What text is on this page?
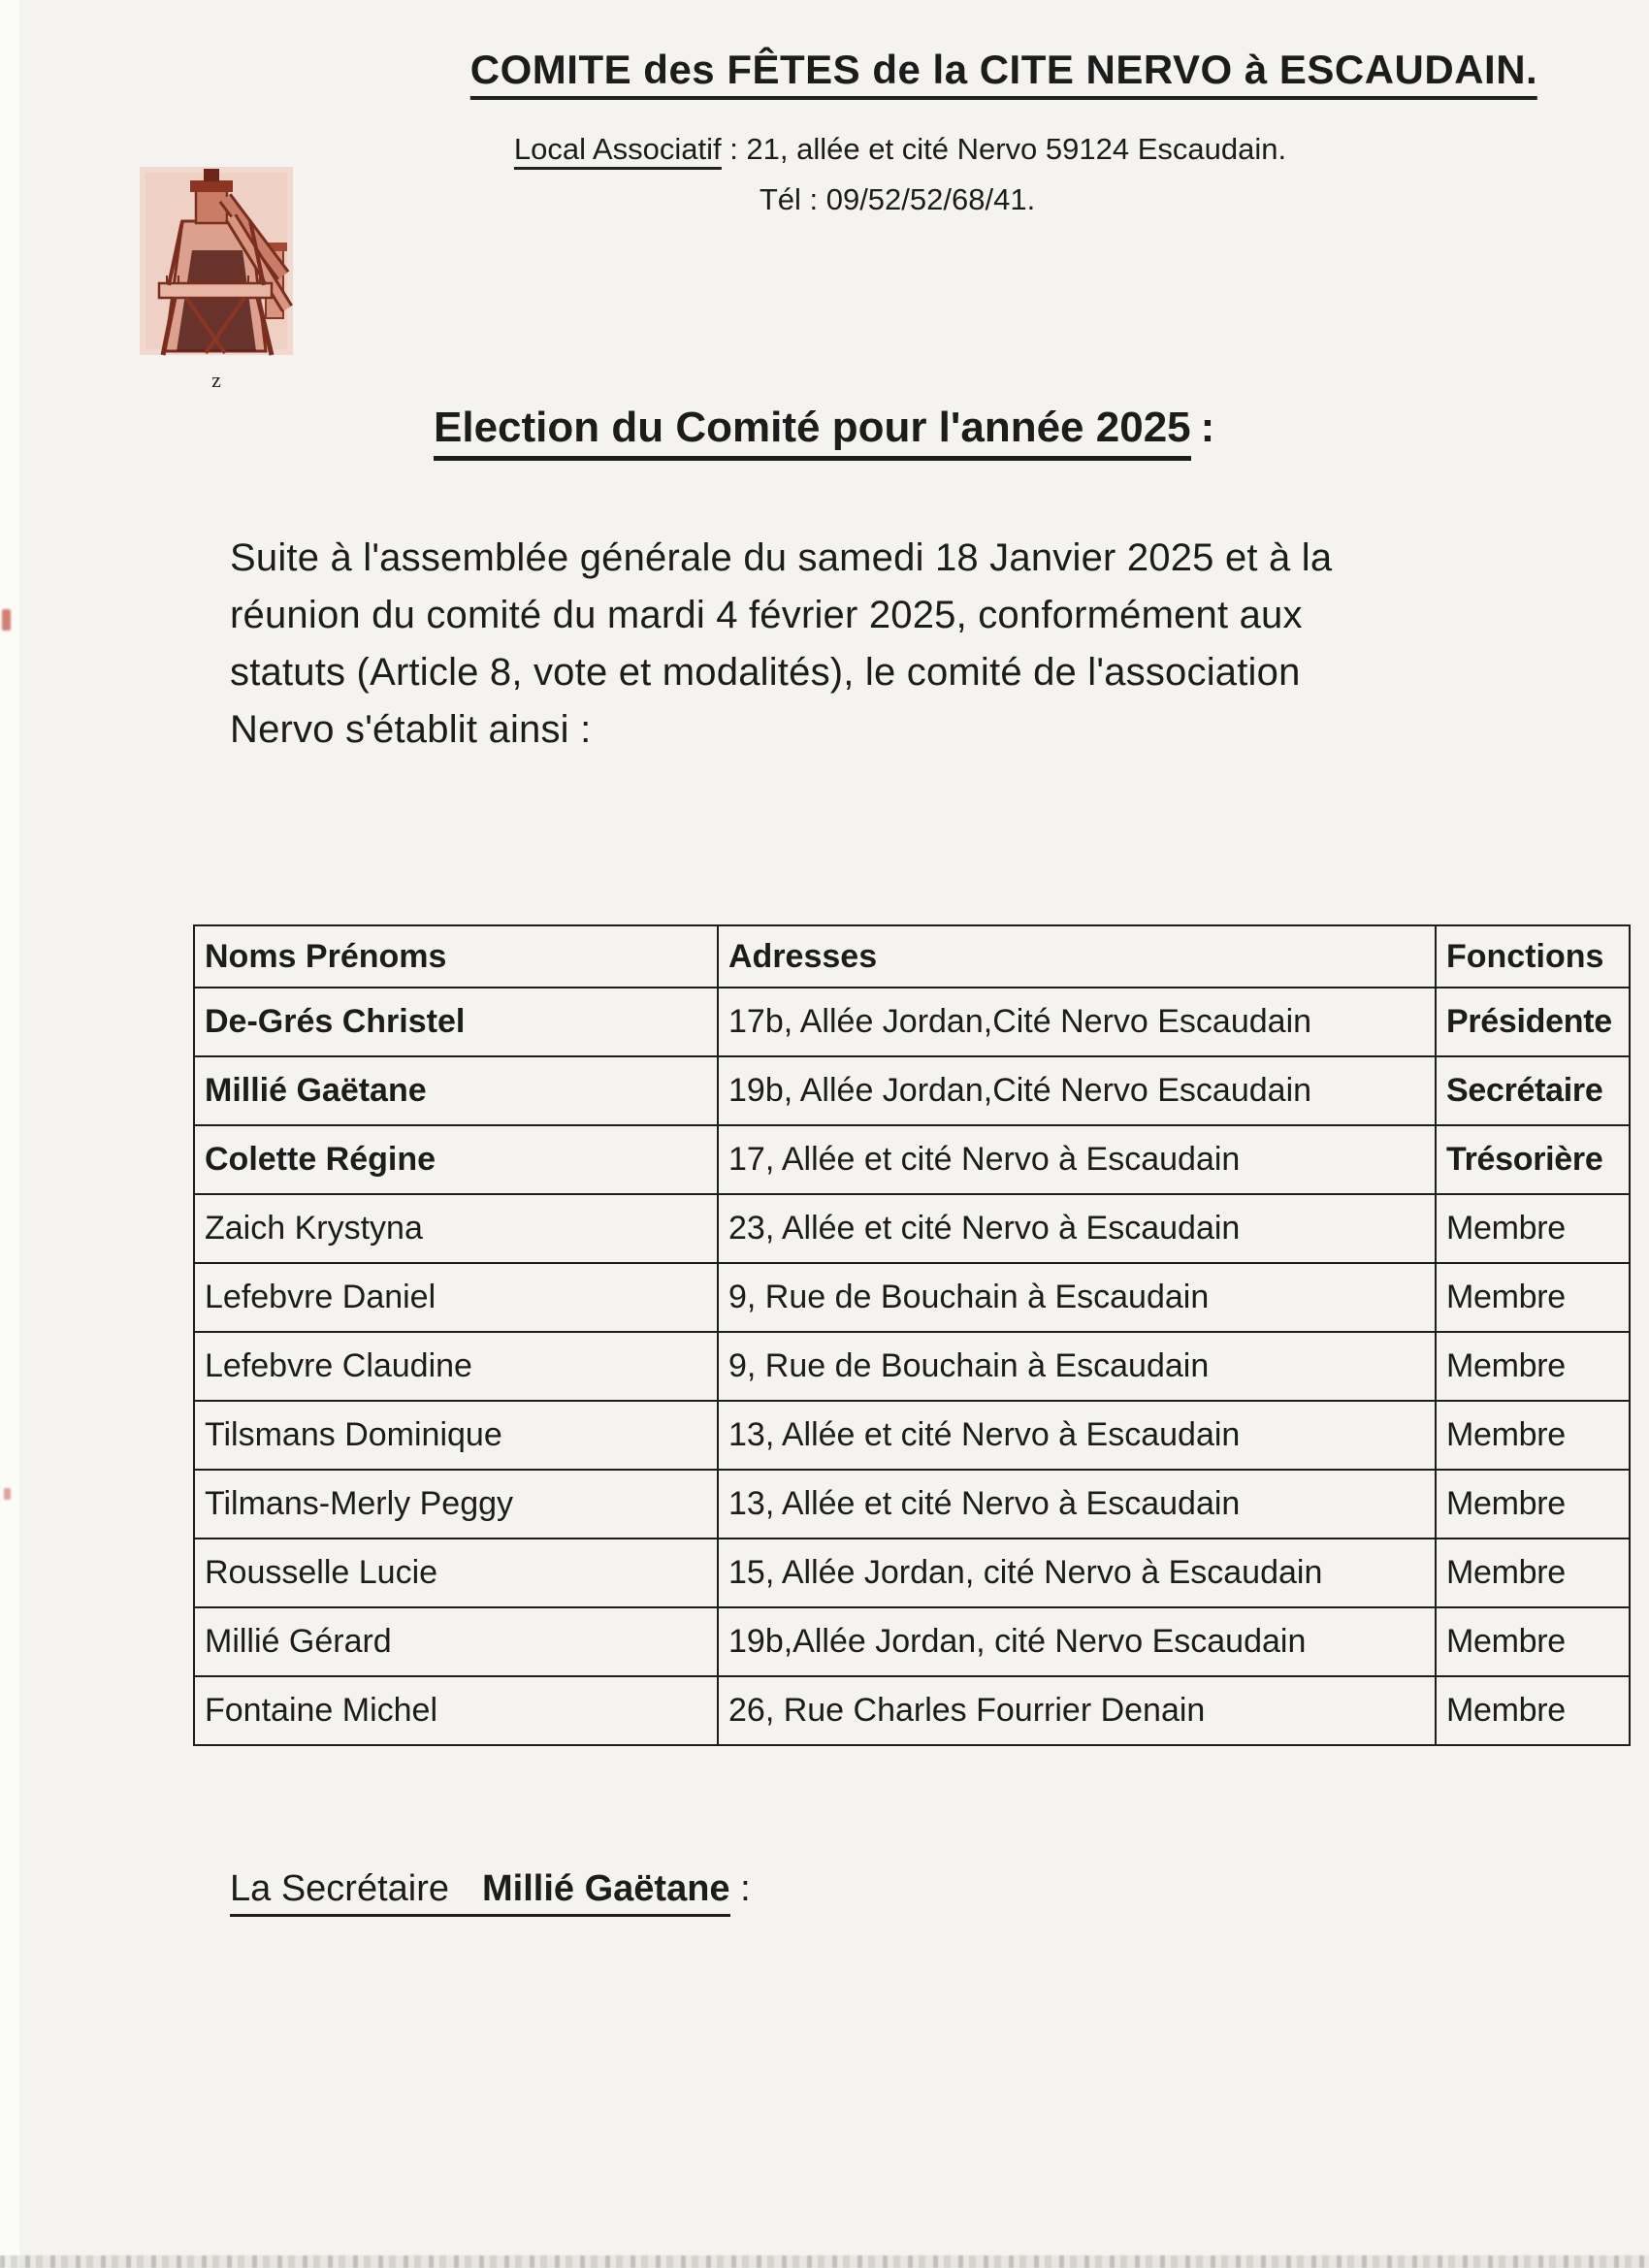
COMITE des FÊTES de la CITE NERVO à ESCAUDAIN.
Local Associatif : 21, allée et cité Nervo 59124 Escaudain.
Tél : 09/52/52/68/41.
z
Election du Comité pour l'année 2025 :
Suite à l'assemblée générale du samedi 18 Janvier 2025 et à la
réunion du comité du mardi 4 février 2025, conformément aux
statuts (Article 8, vote et modalités), le comité de l'association
Nervo s'établit ainsi :
Noms Prénoms	Adresses	Fonctions
De-Grés Christel	17b, Allée Jordan,Cité Nervo Escaudain	Présidente
Millié Gaëtane	19b, Allée Jordan,Cité Nervo Escaudain	Secrétaire
Colette Régine	17, Allée et cité Nervo à Escaudain	Trésorière
Zaich Krystyna	23, Allée et cité Nervo à Escaudain	Membre
Lefebvre Daniel	9, Rue de Bouchain à Escaudain	Membre
Lefebvre Claudine	9, Rue de Bouchain à Escaudain	Membre
Tilsmans Dominique	13, Allée et cité Nervo à Escaudain	Membre
Tilmans-Merly Peggy	13, Allée et cité Nervo à Escaudain	Membre
Rousselle Lucie	15, Allée Jordan, cité Nervo à Escaudain	Membre
Millié Gérard	19b,Allée Jordan, cité Nervo Escaudain	Membre
Fontaine Michel	26, Rue Charles Fourrier Denain	Membre
La Secrétaire Millié Gaëtane :
